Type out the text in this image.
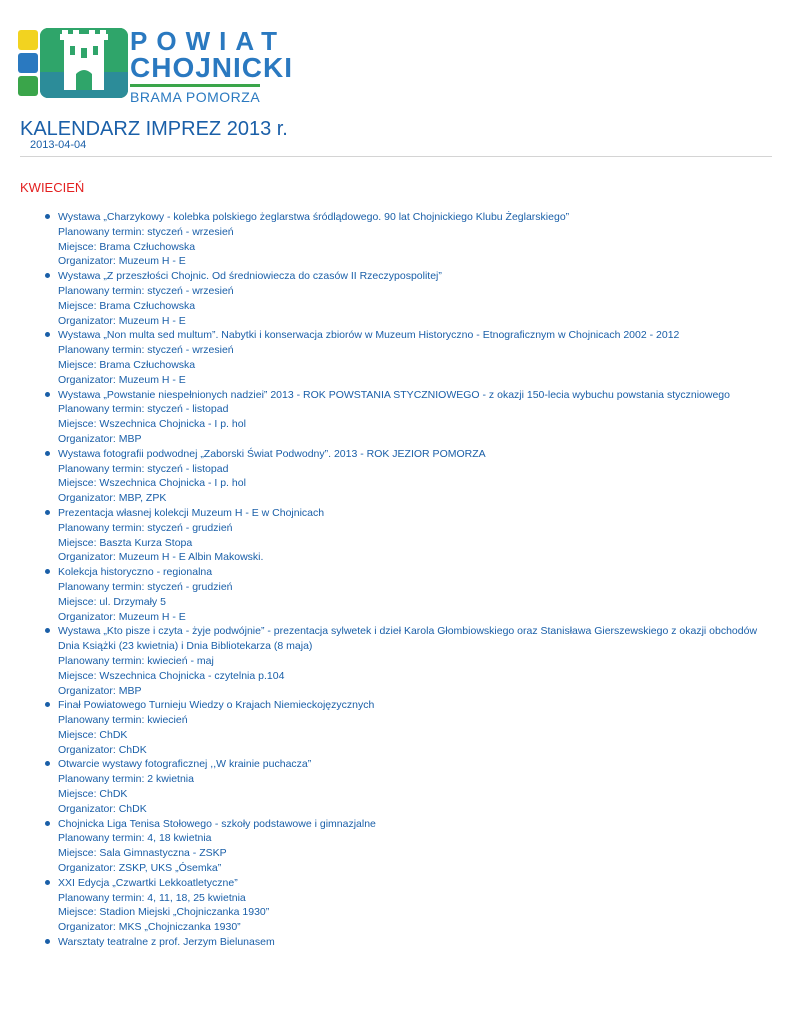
POWIAT
CHOJNICKI
BRAMA POMORZA
KALENDARZ IMPREZ 2013 r.
2013-04-04
KWIECIEŃ
Wystawa „Charzykowy - kolebka polskiego żeglarstwa śródlądowego. 90 lat Chojnickiego Klubu Żeglarskiego”
Planowany termin: styczeń - wrzesień
Miejsce: Brama Człuchowska
Organizator: Muzeum H - E
Wystawa „Z przeszłości Chojnic. Od średniowiecza do czasów II Rzeczypospolitej”
Planowany termin: styczeń - wrzesień
Miejsce: Brama Człuchowska
Organizator: Muzeum H - E
Wystawa „Non multa sed multum”. Nabytki i konserwacja zbiorów w Muzeum Historyczno - Etnograficznym w Chojnicach 2002 - 2012
Planowany termin: styczeń - wrzesień
Miejsce: Brama Człuchowska
Organizator: Muzeum H - E
Wystawa „Powstanie niespełnionych nadziei” 2013 - ROK POWSTANIA STYCZNIOWEGO - z okazji 150-lecia wybuchu powstania styczniowego
Planowany termin: styczeń - listopad
Miejsce: Wszechnica Chojnicka - I p. hol
Organizator: MBP
Wystawa fotografii podwodnej „Zaborski Świat Podwodny”. 2013 - ROK JEZIOR POMORZA
Planowany termin: styczeń - listopad
Miejsce: Wszechnica Chojnicka - I p. hol
Organizator: MBP, ZPK
Prezentacja własnej kolekcji Muzeum H - E w Chojnicach
Planowany termin: styczeń - grudzień
Miejsce: Baszta Kurza Stopa
Organizator: Muzeum H - E Albin Makowski.
Kolekcja historyczno - regionalna
Planowany termin: styczeń - grudzień
Miejsce: ul. Drzymały 5
Organizator: Muzeum H - E
Wystawa „Kto pisze i czyta - żyje podwójnie” - prezentacja sylwetek i dzieł Karola Głombiowskiego oraz Stanisława Gierszewskiego z okazji obchodów Dnia Książki (23 kwietnia) i Dnia Bibliotekarza (8 maja)
Planowany termin: kwiecień - maj
Miejsce: Wszechnica Chojnicka - czytelnia p.104
Organizator: MBP
Finał Powiatowego Turnieju Wiedzy o Krajach Niemieckojęzycznych
Planowany termin: kwiecień
Miejsce: ChDK
Organizator: ChDK
Otwarcie wystawy fotograficznej ,,W krainie puchacza”
Planowany termin: 2 kwietnia
Miejsce: ChDK
Organizator: ChDK
Chojnicka Liga Tenisa Stołowego - szkoły podstawowe i gimnazjalne
Planowany termin: 4, 18 kwietnia
Miejsce: Sala Gimnastyczna - ZSKP
Organizator: ZSKP, UKS „Ósemka”
XXI Edycja „Czwartki Lekkoatletyczne”
Planowany termin: 4, 11, 18, 25 kwietnia
Miejsce: Stadion Miejski „Chojniczanka 1930”
Organizator: MKS „Chojniczanka 1930”
Warsztaty teatralne z prof. Jerzym Bielunasem
